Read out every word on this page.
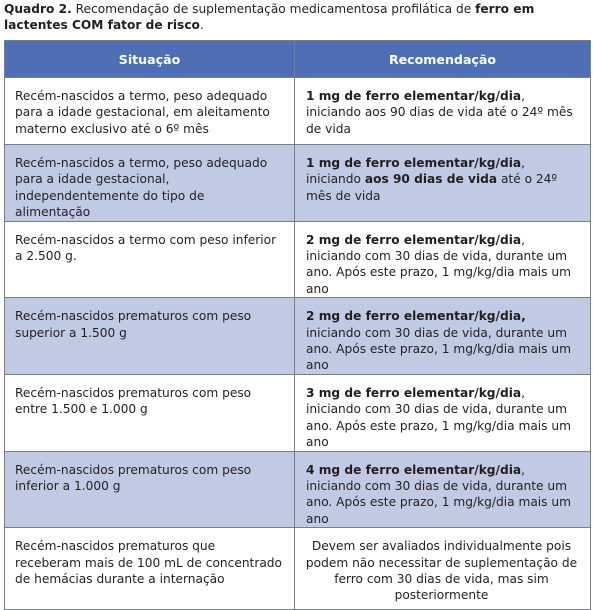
Quadro 2. Recomendação de suplementação medicamentosa profilática de ferro em lactentes COM fator de risco.
Situação	Recomendação
Recém-nascidos a termo, peso adequado para a idade gestacional, em aleitamento materno exclusivo até o 6º mês	1 mg de ferro elementar/kg/dia, iniciando aos 90 dias de vida até o 24º mês de vida
Recém-nascidos a termo, peso adequado para a idade gestacional, independentemente do tipo de alimentação	1 mg de ferro elementar/kg/dia, iniciando aos 90 dias de vida até o 24º mês de vida
Recém-nascidos a termo com peso inferior a 2.500 g.	2 mg de ferro elementar/kg/dia, iniciando com 30 dias de vida, durante um ano. Após este prazo, 1 mg/kg/dia mais um ano
Recém-nascidos prematuros com peso superior a 1.500 g	2 mg de ferro elementar/kg/dia, iniciando com 30 dias de vida, durante um ano. Após este prazo, 1 mg/kg/dia mais um ano
Recém-nascidos prematuros com peso entre 1.500 e 1.000 g	3 mg de ferro elementar/kg/dia, iniciando com 30 dias de vida, durante um ano. Após este prazo, 1 mg/kg/dia mais um ano
Recém-nascidos prematuros com peso inferior a 1.000 g	4 mg de ferro elementar/kg/dia, iniciando com 30 dias de vida, durante um ano. Após este prazo, 1 mg/kg/dia mais um ano
Recém-nascidos prematuros que receberam mais de 100 mL de concentrado de hemácias durante a internação	Devem ser avaliados individualmente pois podem não necessitar de suplementação de ferro com 30 dias de vida, mas sim posteriormente
